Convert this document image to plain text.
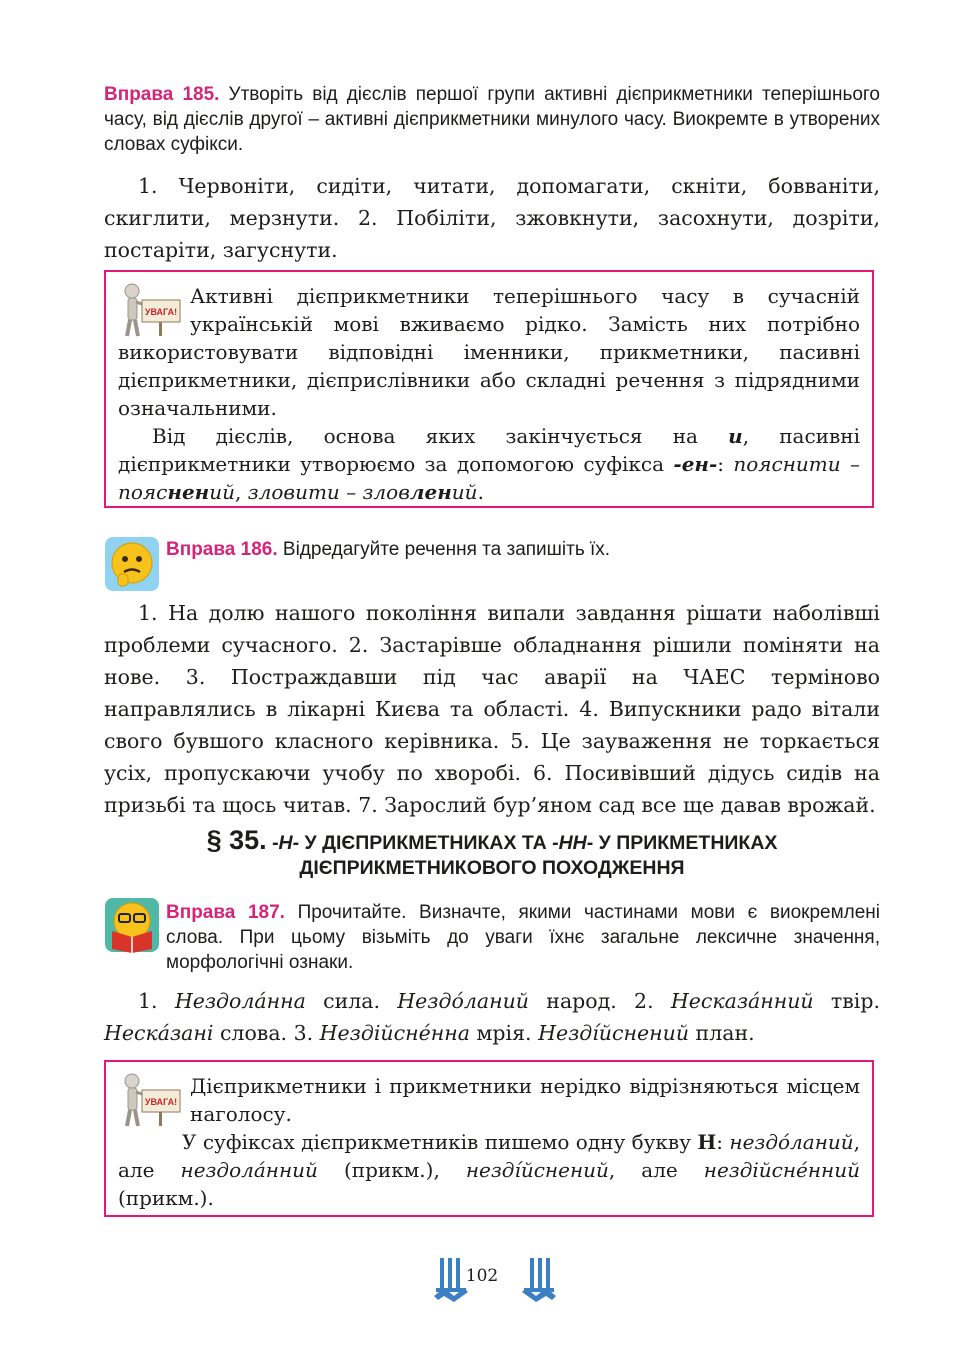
Вправа 185. Утворіть від дієслів першої групи активні дієприкметники теперішнього часу, від дієслів другої – активні дієприкметники минулого часу. Виокремте в утворених словах суфікси.
1. Червоніти, сидіти, читати, допомагати, скніти, бовваніти, скиглити, мерзнути. 2. Побіліти, зжовкнути, засохнути, дозріти, постаріти, загуснути.
УВАГА!

Активні дієприкметники теперішнього часу в сучасній українській мові вживаємо рідко. Замість них потрібно використовувати відповідні іменники, прикметники, пасивні дієприкметники, дієприслівники або складні речення з підрядними означальними.

Від дієслів, основа яких закінчується на и, пасивні дієприкметники утворюємо за допомогою суфікса -ен-: пояснити – пояснений, зловити – зловлений.

Вправа 186. Відредагуйте речення та запишіть їх.
1. На долю нашого покоління випали завдання рішати наболівші проблеми сучасного. 2. Застарівше обладнання рішили поміняти на нове. 3. Постраждавши під час аварії на ЧАЕС терміново направлялись в лікарні Києва та області. 4. Випускники радо вітали свого бувшого класного керівника. 5. Це зауваження не торкається усіх, пропускаючи учобу по хворобі. 6. Посивівший дідусь сидів на призьбі та щось читав. 7. Зарослий бур’яном сад все ще давав врожай.
§ 35. -Н- У ДІЄПРИКМЕТНИКАХ ТА -НН- У ПРИКМЕТНИКАХ
ДІЄПРИКМЕТНИКОВОГО ПОХОДЖЕННЯ
Вправа 187. Прочитайте. Визначте, якими частинами мови є виокремлені слова. При цьому візьміть до уваги їхнє загальне лексичне значення, морфологічні ознаки.
1. Нездола́нна сила. Нездо́ланий народ. 2. Несказа́нний твір. Неска́зані слова. 3. Нездійсне́нна мрія. Нездíйснений план.
УВАГА!

Дієприкметники і прикметники нерідко відрізняються місцем наголосу.

У суфіксах дієприкметників пишемо одну букву Н: нездо́ланий, але нездола́нний (прикм.), нездíйснений, але нездійсне́нний (прикм.).

102
